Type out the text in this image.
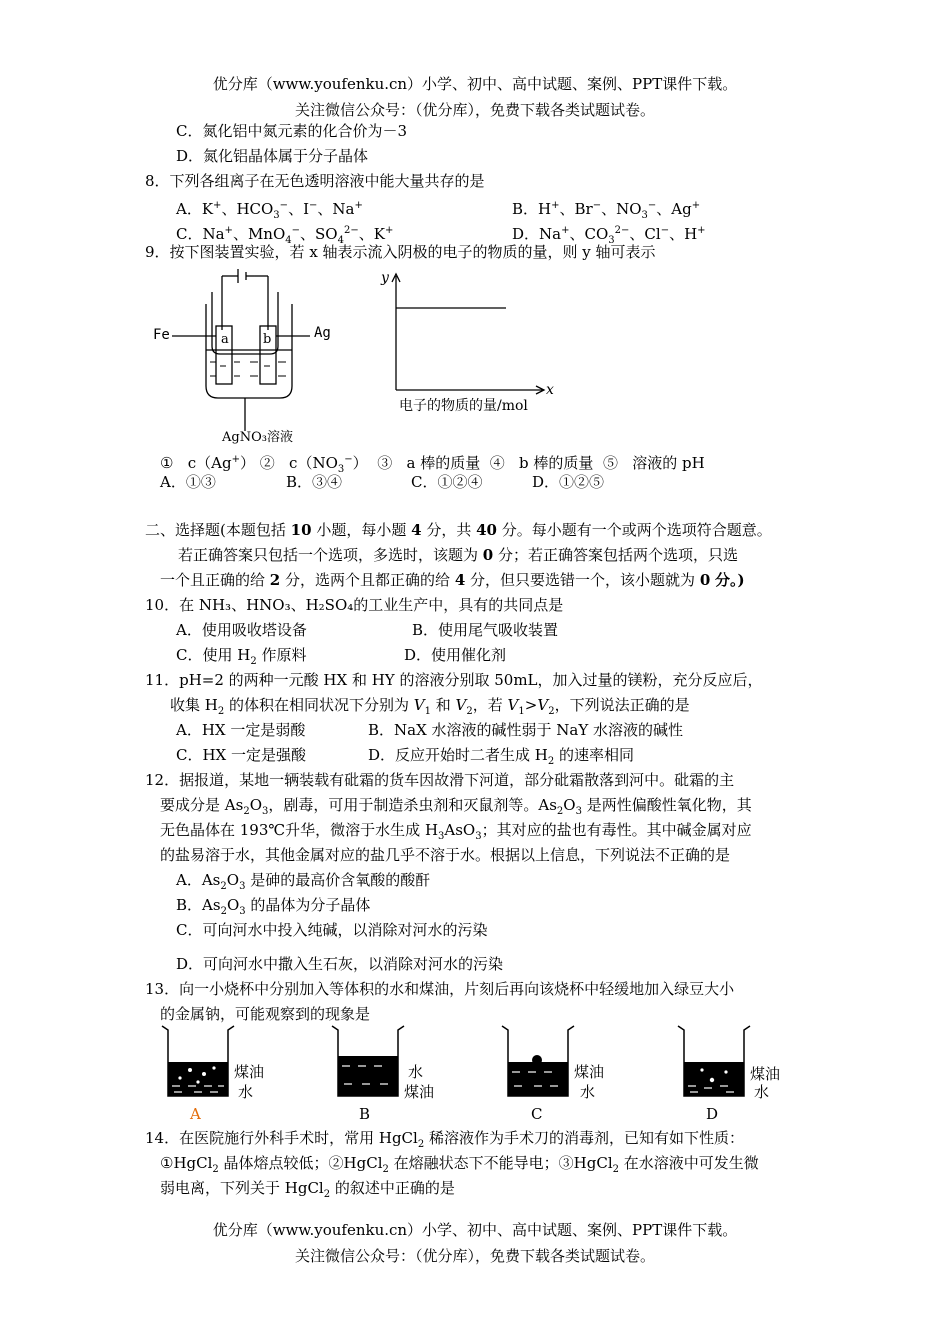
优分库（www.youfenku.cn）小学、初中、高中试题、案例、PPT课件下载。
关注微信公众号：（优分库），免费下载各类试题试卷。
C．氮化铝中氮元素的化合价为－3
D．氮化铝晶体属于分子晶体
8．下列各组离子在无色透明溶液中能大量共存的是
A．K+、$HCO_3^-$、I−、Na+	B．H+、Br−、$NO_3^-$、Ag+
C．Na+、MnO$_4$−、$SO_4^{2-}$、K+	D．Na+、$CO_3^{2-}$、Cl−、H+
9．按下图装置实验，若 x 轴表示流入阴极的电子的物质的量，则 y 轴可表示
Fe	Ag
a	b
AgNO₃溶液
y
x
电子的物质的量/mol
①   c（Ag+） ②   $c(NO_3^-)$  ③   a 棒的质量  ④   b 棒的质量  ⑤   溶液的 pH
A．①③	B．③④	C．①②④	D．①②⑤
二、选择题(本题包括 10 小题，每小题 4 分，共 40 分。每小题有一个或两个选项符合题意。
若正确答案只包括一个选项，多选时，该题为 0 分；若正确答案包括两个选项，只选
一个且正确的给 2 分，选两个且都正确的给 4 分，但只要选错一个，该小题就为 0 分。)
10．在 NH₃、HNO₃、H₂SO₄的工业生产中，具有的共同点是
A．使用吸收塔设备	B．使用尾气吸收装置
C．使用 $H_2$ 作原料	D．使用催化剂
11．pH=2 的两种一元酸 HX 和 HY 的溶液分别取 50mL，加入过量的镁粉，充分反应后，
收集 $H_2$ 的体积在相同状况下分别为 $V_1$ 和 $V_2$，若 $V_1>V_2$，下列说法正确的是
A．HX 一定是弱酸	B．NaX 水溶液的碱性弱于 NaY 水溶液的碱性
C．HX 一定是强酸	D．反应开始时二者生成 $H_2$ 的速率相同
12．据报道，某地一辆装载有砒霜的货车因故滑下河道，部分砒霜散落到河中。砒霜的主
要成分是 $As_2O_3$，剧毒，可用于制造杀虫剂和灭鼠剂等。$As_2O_3$ 是两性偏酸性氧化物，其
无色晶体在 193℃升华，微溶于水生成 $H_3AsO_3$；其对应的盐也有毒性。其中碱金属对应
的盐易溶于水，其他金属对应的盐几乎不溶于水。根据以上信息，下列说法不正确的是
A．$As_2O_3$ 是砷的最高价含氧酸的酸酐
B．$As_2O_3$ 的晶体为分子晶体
C．可向河水中投入纯碱，以消除对河水的污染
D．可向河水中撒入生石灰，以消除对河水的污染
13．向一小烧杯中分别加入等体积的水和煤油，片刻后再向该烧杯中轻缓地加入绿豆大小
的金属钠，可能观察到的现象是
煤油
水
A
水
煤油
B
煤油
水
C
煤油
水
D
14．在医院施行外科手术时，常用 HgCl$_2$ 稀溶液作为手术刀的消毒剂，已知有如下性质：
①HgCl$_2$ 晶体熔点较低；②HgCl$_2$ 在熔融状态下不能导电；③HgCl$_2$ 在水溶液中可发生微
弱电离，下列关于 HgCl$_2$ 的叙述中正确的是
优分库（www.youfenku.cn）小学、初中、高中试题、案例、PPT课件下载。
关注微信公众号：（优分库），免费下载各类试题试卷。
